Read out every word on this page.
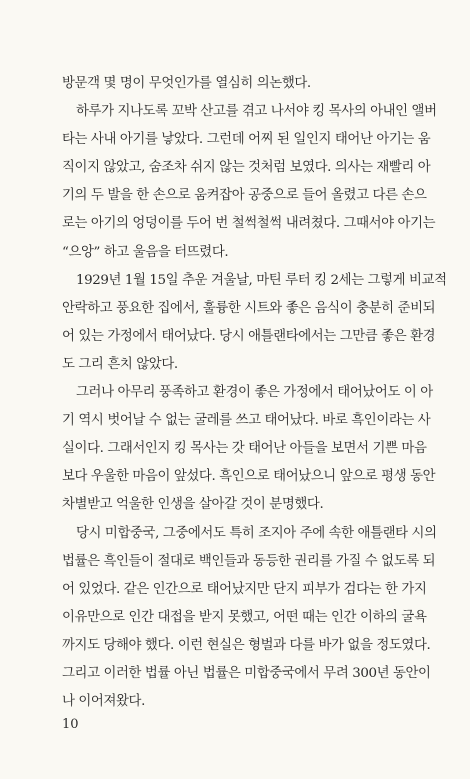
방문객 몇 명이 무엇인가를 열심히 의논했다.
하루가 지나도록 꼬박 산고를 겪고 나서야 킹 목사의 아내인 앨버
타는 사내 아기를 낳았다. 그런데 어찌 된 일인지 태어난 아기는 움
직이지 않았고, 숨조차 쉬지 않는 것처럼 보였다. 의사는 재빨리 아
기의 두 발을 한 손으로 움켜잡아 공중으로 들어 올렸고 다른 손으
로는 아기의 엉덩이를 두어 번 철썩철썩 내려쳤다. 그때서야 아기는
“으앙” 하고 울음을 터뜨렸다.
1929년 1월 15일 추운 겨울날, 마틴 루터 킹 2세는 그렇게 비교적
안락하고 풍요한 집에서, 훌륭한 시트와 좋은 음식이 충분히 준비되
어 있는 가정에서 태어났다. 당시 애틀랜타에서는 그만큼 좋은 환경
도 그리 흔치 않았다.
그러나 아무리 풍족하고 환경이 좋은 가정에서 태어났어도 이 아
기 역시 벗어날 수 없는 굴레를 쓰고 태어났다. 바로 흑인이라는 사
실이다. 그래서인지 킹 목사는 갓 태어난 아들을 보면서 기쁜 마음
보다 우울한 마음이 앞섰다. 흑인으로 태어났으니 앞으로 평생 동안
차별받고 억울한 인생을 살아갈 것이 분명했다.
당시 미합중국, 그중에서도 특히 조지아 주에 속한 애틀랜타 시의
법률은 흑인들이 절대로 백인들과 동등한 권리를 가질 수 없도록 되
어 있었다. 같은 인간으로 태어났지만 단지 피부가 검다는 한 가지
이유만으로 인간 대접을 받지 못했고, 어떤 때는 인간 이하의 굴욕
까지도 당해야 했다. 이런 현실은 형벌과 다를 바가 없을 정도였다.
그리고 이러한 법률 아닌 법률은 미합중국에서 무려 300년 동안이
나 이어져왔다.
10
